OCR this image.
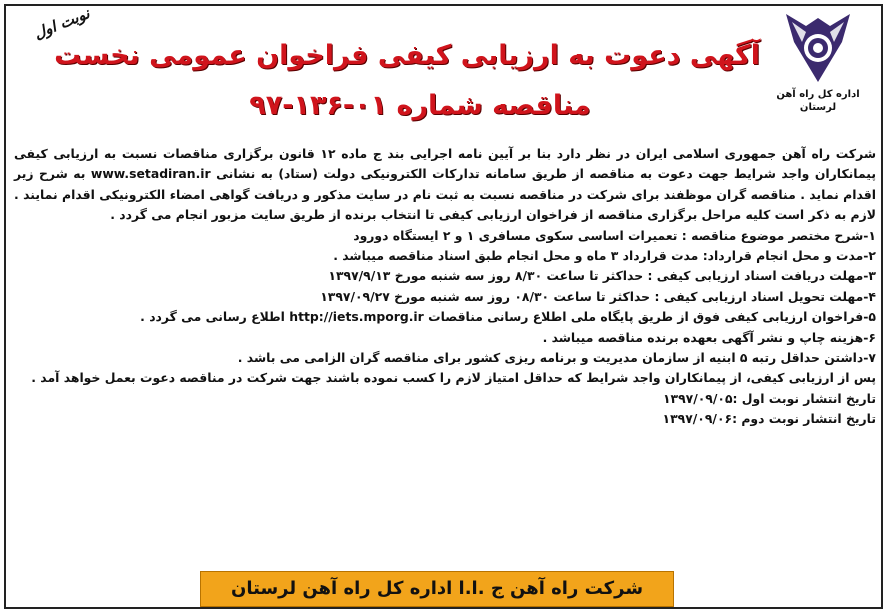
اداره کل راه آهن لرستان
نوبت اول
آگهی دعوت به ارزیابی کیفی فراخوان عمومی نخست
مناقصه شماره ۰۱-۱۳۶-۹۷

شرکت راه آهن جمهوری اسلامی ایران در نظر دارد بنا بر آیین نامه اجرایی بند ج ماده ۱۲ قانون برگزاری مناقصات نسبت به ارزیابی کیفی پیمانکاران واجد شرایط جهت دعوت به مناقصه از طریق سامانه تدارکات الکترونیکی دولت (ستاد) به نشانی www.setadiran.ir به شرح زیر اقدام نماید . مناقصه گران موظفند برای شرکت در مناقصه نسبت به ثبت نام در سایت مذکور و دریافت گواهی امضاء الکترونیکی اقدام نمایند . لازم به ذکر است کلیه مراحل برگزاری مناقصه از فراخوان ارزیابی کیفی تا انتخاب برنده از طریق سایت مزبور انجام می گردد .

۱-شرح مختصر موضوع مناقصه : تعمیرات اساسی سکوی مسافری ۱ و ۲ ایستگاه دورود

۲-مدت و محل انجام قرارداد: مدت قرارداد ۳ ماه و محل انجام طبق اسناد مناقصه میباشد .

۳-مهلت دریافت اسناد ارزیابی کیفی : حداکثر تا ساعت ۸/۳۰ روز سه شنبه مورخ ۱۳۹۷/۹/۱۳

۴-مهلت تحویل اسناد ارزیابی کیفی : حداکثر تا ساعت ۰۸/۳۰ روز سه شنبه مورخ ۱۳۹۷/۰۹/۲۷

۵-فراخوان ارزیابی کیفی فوق از طریق پایگاه ملی اطلاع رسانی مناقصات http://iets.mporg.ir اطلاع رسانی می گردد .

۶-هزینه چاپ و نشر آگهی بعهده برنده مناقصه میباشد .

۷-داشتن حداقل رتبه ۵ ابنیه از سازمان مدیریت و برنامه ریزی کشور برای مناقصه گران الزامی می باشد .

پس از ارزیابی کیفی، از پیمانکاران واجد شرایط که حداقل امتیاز لازم را کسب نموده باشند جهت شرکت در مناقصه دعوت بعمل خواهد آمد .

تاریخ انتشار نوبت اول :۱۳۹۷/۰۹/۰۵

تاریخ انتشار نوبت دوم :۱۳۹۷/۰۹/۰۶

شرکت راه آهن ج .ا.ا اداره کل راه آهن لرستان
